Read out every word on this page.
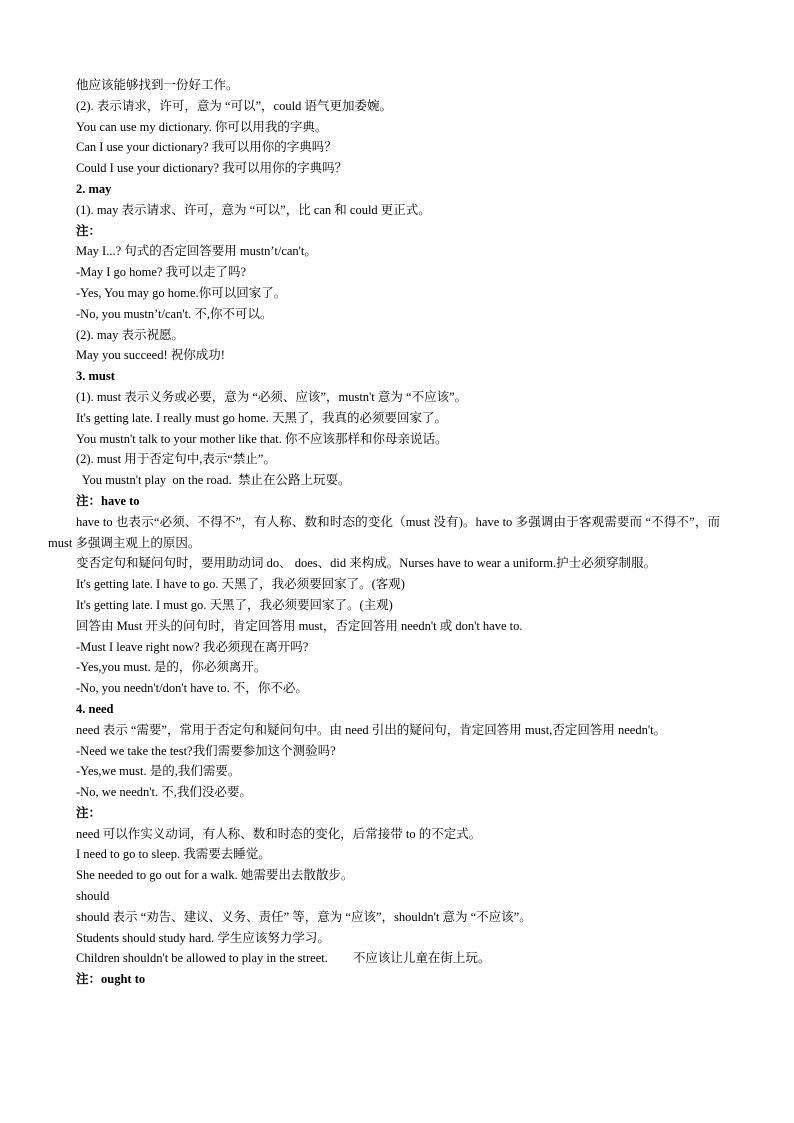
他应该能够找到一份好工作。
(2). 表示请求，许可，意为 “可以”，could 语气更加委婉。
You can use my dictionary. 你可以用我的字典。
Can I use your dictionary? 我可以用你的字典吗？
Could I use your dictionary? 我可以用你的字典吗？
2. may
(1). may 表示请求、许可，意为 “可以”，比 can 和 could 更正式。
注：
May I...? 句式的否定回答要用 mustn’t/can't。
-May I go home? 我可以走了吗?
-Yes, You may go home.你可以回家了。
-No, you mustn’t/can't. 不,你不可以。
(2). may 表示祝愿。
May you succeed! 祝你成功!
3. must
(1). must 表示义务或必要，意为 “必须、应该”，mustn't 意为 “不应该”。
It's getting late. I really must go home. 天黑了，我真的必须要回家了。
You mustn't talk to your mother like that. 你不应该那样和你母亲说话。
(2). must 用于否定句中,表示“禁止”。
You mustn't play  on the road.  禁止在公路上玩耍。
注：have to
have to 也表示“必须、不得不”，有人称、数和时态的变化（must 没有)。have to 多强调由于客观需要而 “不得不”，而 must 多强调主观上的原因。
变否定句和疑问句时，要用助动词 do、 does、did 来构成。Nurses have to wear a uniform.护士必须穿制服。
It's getting late. I have to go. 天黑了，我必须要回家了。(客观)
It's getting late. I must go. 天黑了，我必须要回家了。(主观)
回答由 Must 开头的问句时，肯定回答用 must，否定回答用 needn't 或 don't have to.
-Must I leave right now? 我必须现在离开吗?
-Yes,you must. 是的，你必须离开。
-No, you needn't/don't have to. 不，你不必。
4. need
need 表示 “需要”，常用于否定句和疑问句中。由 need 引出的疑问句，肯定回答用 must,否定回答用 needn't。
-Need we take the test?我们需要参加这个测验吗?
-Yes,we must. 是的,我们需要。
-No, we needn't. 不,我们没必要。
注：
need 可以作实义动词，有人称、数和时态的变化，后常接带 to 的不定式。
I need to go to sleep. 我需要去睡觉。
She needed to go out for a walk. 她需要出去散散步。
should
should 表示 “劝告、建议、义务、责任” 等，意为 “应该”，shouldn't 意为 “不应该”。
Students should study hard. 学生应该努力学习。
Children shouldn't be allowed to play in the street.        不应该让儿童在街上玩。
注：ought to
